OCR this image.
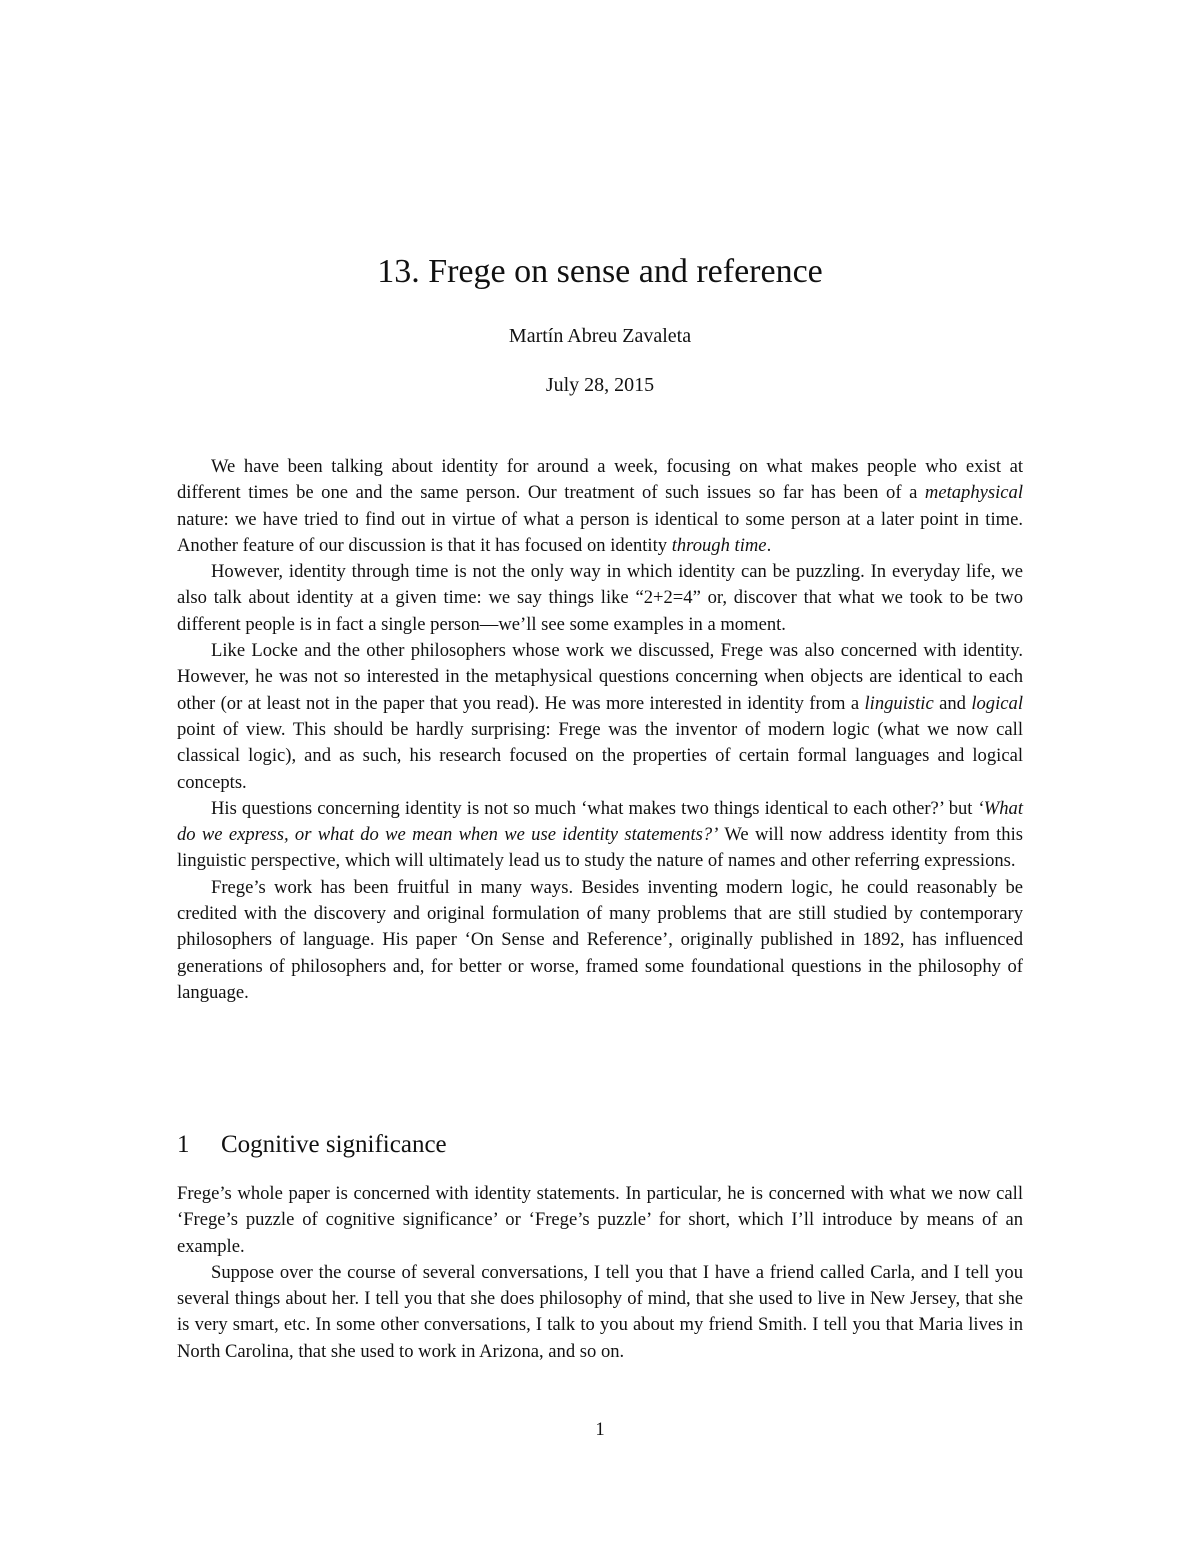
13. Frege on sense and reference
Martín Abreu Zavaleta
July 28, 2015

We have been talking about identity for around a week, focusing on what makes people who exist at different times be one and the same person. Our treatment of such issues so far has been of a metaphysical nature: we have tried to find out in virtue of what a person is identical to some person at a later point in time. Another feature of our discussion is that it has focused on identity through time.

However, identity through time is not the only way in which identity can be puzzling. In everyday life, we also talk about identity at a given time: we say things like “2+2=4” or, discover that what we took to be two different people is in fact a single person—we’ll see some examples in a moment.

Like Locke and the other philosophers whose work we discussed, Frege was also concerned with identity. However, he was not so interested in the metaphysical questions concerning when objects are identical to each other (or at least not in the paper that you read). He was more interested in identity from a linguistic and logical point of view. This should be hardly surprising: Frege was the inventor of modern logic (what we now call classical logic), and as such, his research focused on the properties of certain formal languages and logical concepts.

His questions concerning identity is not so much ‘what makes two things identical to each other?’ but ‘What do we express, or what do we mean when we use identity statements?’ We will now address identity from this linguistic perspective, which will ultimately lead us to study the nature of names and other referring expressions.

Frege’s work has been fruitful in many ways. Besides inventing modern logic, he could reasonably be credited with the discovery and original formulation of many problems that are still studied by contemporary philosophers of language. His paper ‘On Sense and Reference’, originally published in 1892, has influenced generations of philosophers and, for better or worse, framed some foundational questions in the philosophy of language.

1 Cognitive significance

Frege’s whole paper is concerned with identity statements. In particular, he is concerned with what we now call ‘Frege’s puzzle of cognitive significance’ or ‘Frege’s puzzle’ for short, which I’ll introduce by means of an example.

Suppose over the course of several conversations, I tell you that I have a friend called Carla, and I tell you several things about her. I tell you that she does philosophy of mind, that she used to live in New Jersey, that she is very smart, etc. In some other conversations, I talk to you about my friend Smith. I tell you that Maria lives in North Carolina, that she used to work in Arizona, and so on.

1
